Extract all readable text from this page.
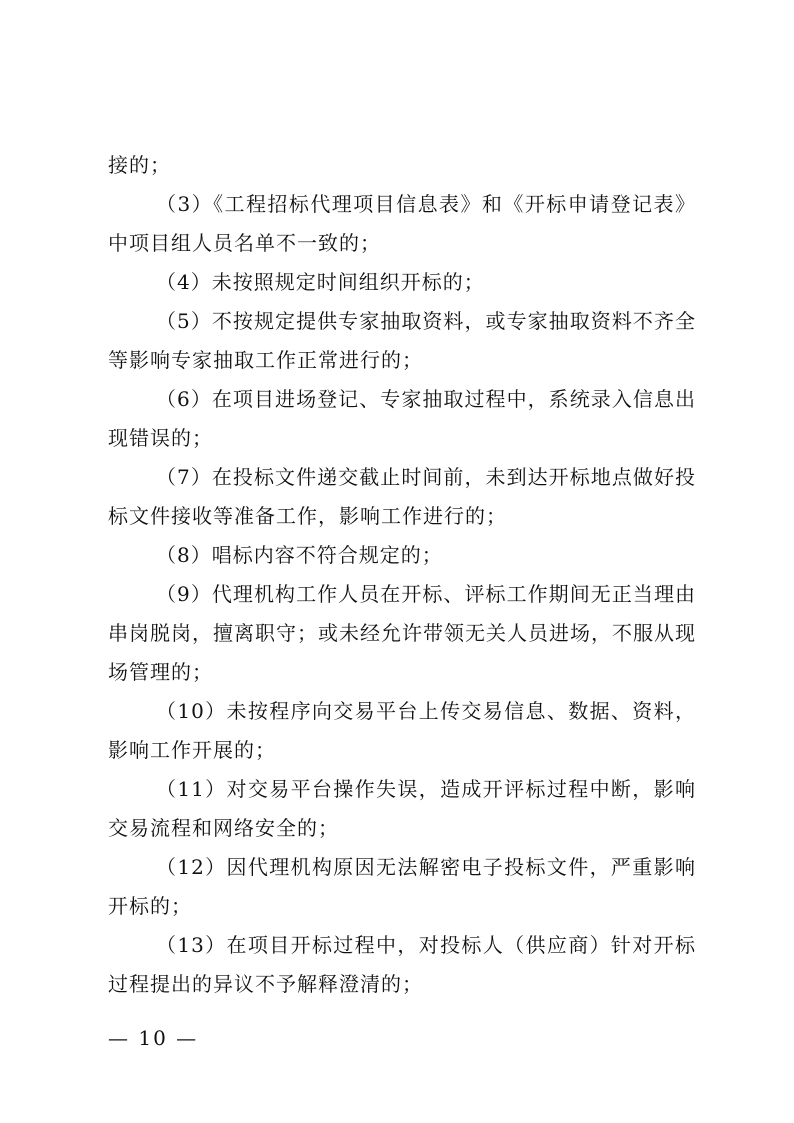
接的；

（3）《工程招标代理项目信息表》和《开标申请登记表》中项目组人员名单不一致的；

（4）未按照规定时间组织开标的；

（5）不按规定提供专家抽取资料，或专家抽取资料不齐全等影响专家抽取工作正常进行的；

（6）在项目进场登记、专家抽取过程中，系统录入信息出现错误的；

（7）在投标文件递交截止时间前，未到达开标地点做好投标文件接收等准备工作，影响工作进行的；

（8）唱标内容不符合规定的；

（9）代理机构工作人员在开标、评标工作期间无正当理由串岗脱岗，擅离职守；或未经允许带领无关人员进场，不服从现场管理的；

（10）未按程序向交易平台上传交易信息、数据、资料，影响工作开展的；

（11）对交易平台操作失误，造成开评标过程中断，影响交易流程和网络安全的；

（12）因代理机构原因无法解密电子投标文件，严重影响开标的；

（13）在项目开标过程中，对投标人（供应商）针对开标过程提出的异议不予解释澄清的；

— 10 —
